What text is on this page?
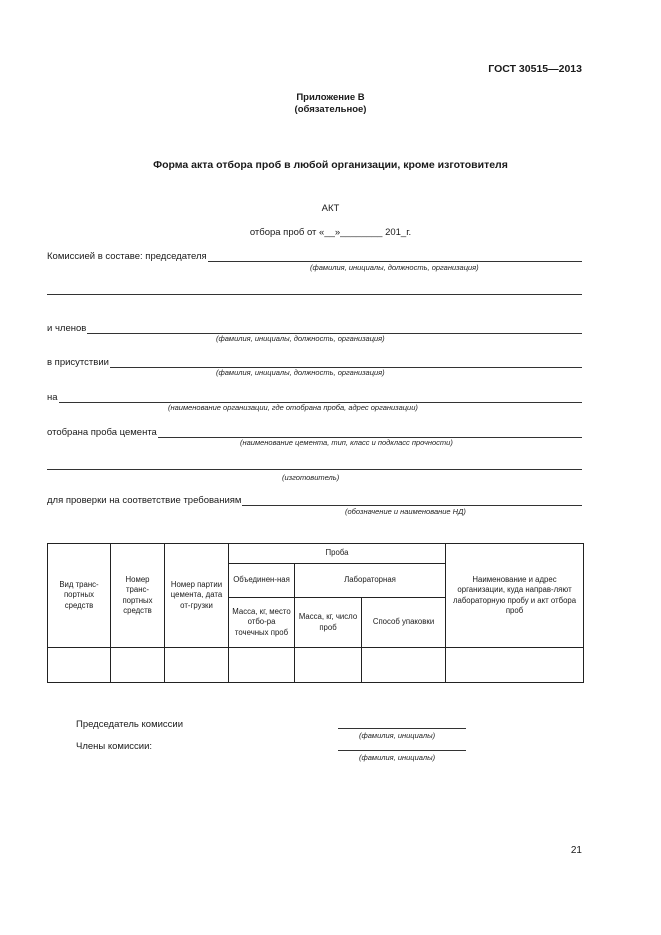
ГОСТ 30515—2013
Приложение В
(обязательное)
Форма акта отбора проб в любой организации, кроме изготовителя
АКТ
отбора проб от «__»________ 201_г.
Комиссией в составе: председателя
(фамилия, инициалы, должность, организация)
и членов
(фамилия, инициалы, должность, организация)
в присутствии
(фамилия, инициалы, должность, организация)
на
(наименование организации, где отобрана проба, адрес организации)
отобрана проба цемента
(наименование цемента, тип, класс и подкласс прочности)
(изготовитель)
для проверки на соответствие требованиям
(обозначение и наименование НД)
Вид транс-портных средств	Номер транс-портных средств	Номер партии цемента, дата от-грузки	Проба			Наименование и адрес организации, куда направ-ляют лабораторную пробу и акт отбора проб
			Объединен-ная	Лабораторная		
			Масса, кг, место отбо-ра точечных проб	Масса, кг, число проб	Способ упаковки	

Председатель комиссии
(фамилия, инициалы)
Члены комиссии:
(фамилия, инициалы)
21
